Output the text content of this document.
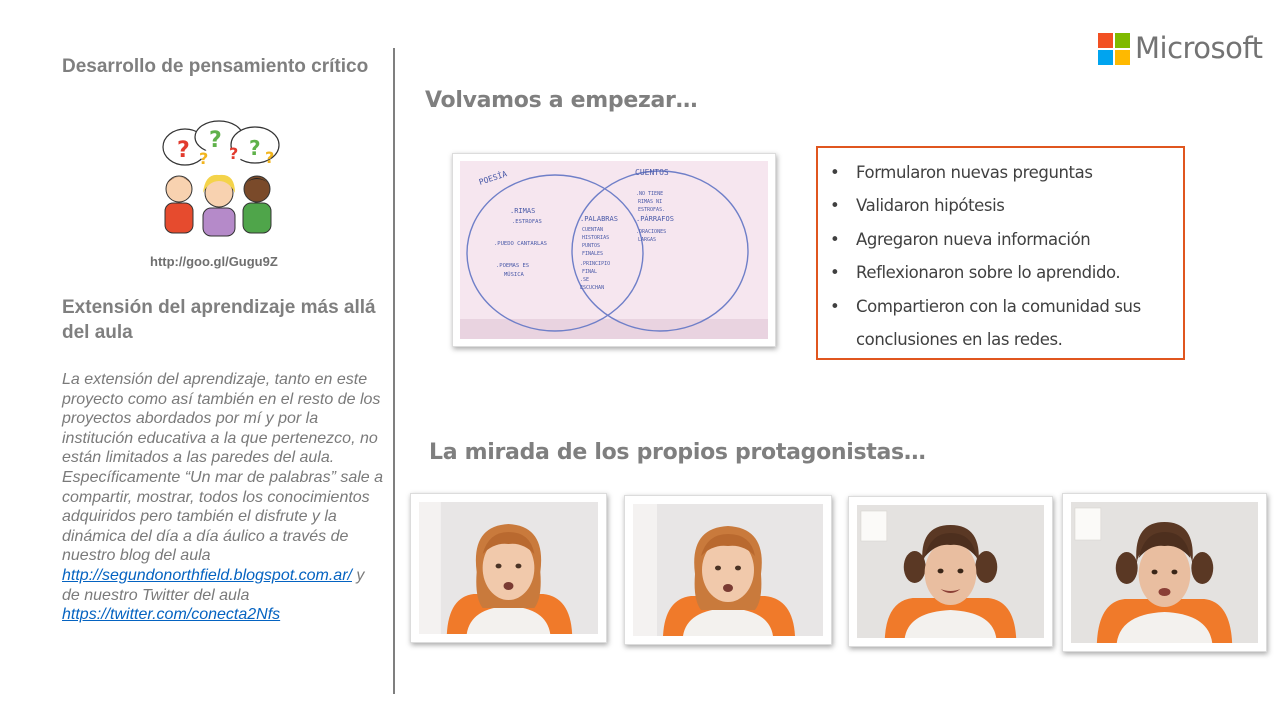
Desarrollo de pensamiento crítico
? ?
? ? ? ?
http://goo.gl/Gugu9Z
Extensión del aprendizaje más allá del aula
La extensión del aprendizaje, tanto en este proyecto como así también en el resto de los proyectos abordados por mí y por la institución educativa a la que pertenezco, no están limitados a las paredes del aula. Específicamente “Un mar de palabras” sale a compartir, mostrar, todos los conocimientos adquiridos pero también el disfrute y la dinámica del día a día áulico a través de nuestro blog del aula http://segundonorthfield.blogspot.com.ar/ y de nuestro Twitter del aula https://twitter.com/conecta2Nfs
Microsoft
Volvamos a empezar…
POESÍA	CUENTOS
.RIMAS
.ESTROFAS
.PUEDO CANTARLAS
.POEMAS ES
MÚSICA
.PALABRAS
CUENTAN
HISTORIAS
PUNTOS
FINALES
.PRINCIPIO
FINAL
.SE
ESCUCHAN
.NO TIENE
RIMAS NI
ESTROFAS.
.PÁRRAFOS
.ORACIONES
LARGAS
• Formularon nuevas preguntas
• Validaron hipótesis
• Agregaron nueva información
• Reflexionaron sobre lo aprendido.
• Compartieron con la comunidad sus conclusiones en las redes.
La mirada de los propios protagonistas…
